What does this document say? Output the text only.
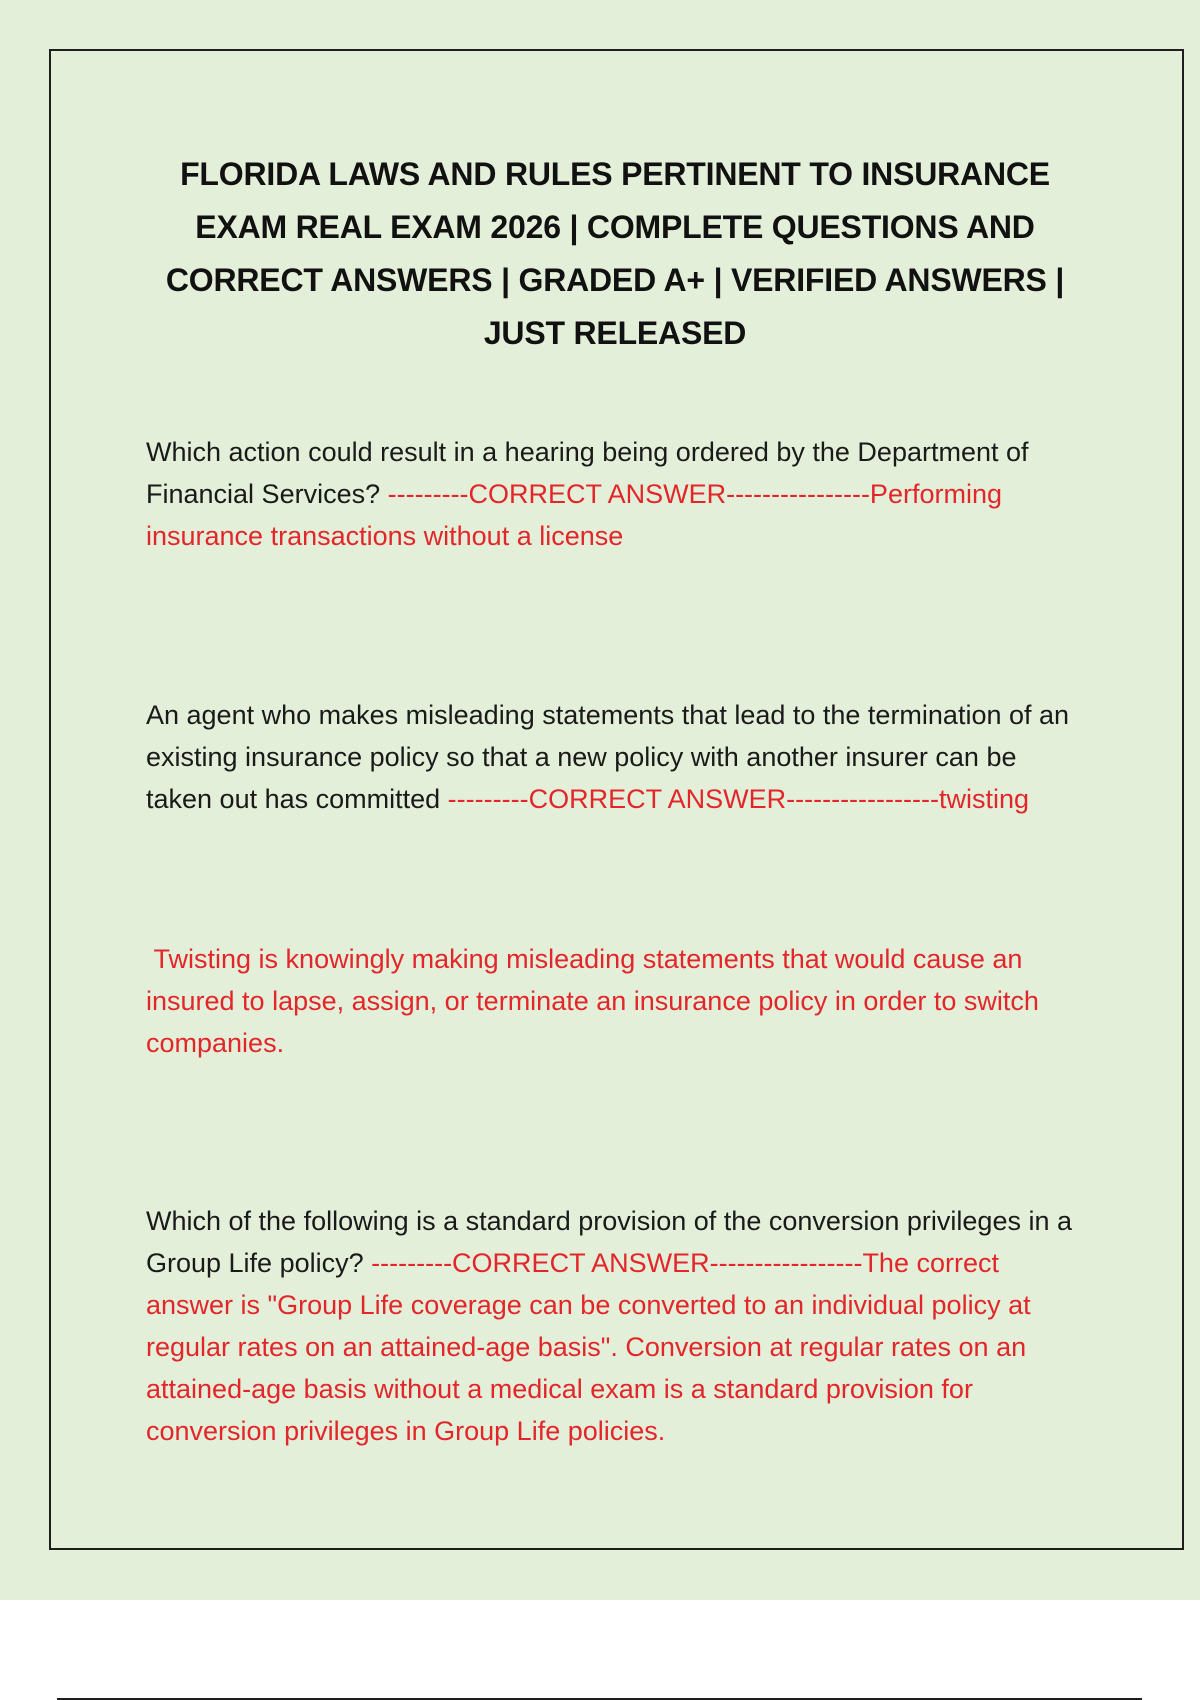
FLORIDA LAWS AND RULES PERTINENT TO INSURANCE EXAM REAL EXAM 2026 | COMPLETE QUESTIONS AND CORRECT ANSWERS | GRADED A+ | VERIFIED ANSWERS | JUST RELEASED

Which action could result in a hearing being ordered by the Department of Financial Services? ---------CORRECT ANSWER----------------Performing insurance transactions without a license

An agent who makes misleading statements that lead to the termination of an existing insurance policy so that a new policy with another insurer can be taken out has committed ---------CORRECT ANSWER-----------------twisting

Twisting is knowingly making misleading statements that would cause an insured to lapse, assign, or terminate an insurance policy in order to switch companies.

Which of the following is a standard provision of the conversion privileges in a Group Life policy? ---------CORRECT ANSWER-----------------The correct answer is "Group Life coverage can be converted to an individual policy at regular rates on an attained-age basis". Conversion at regular rates on an attained-age basis without a medical exam is a standard provision for conversion privileges in Group Life policies.
